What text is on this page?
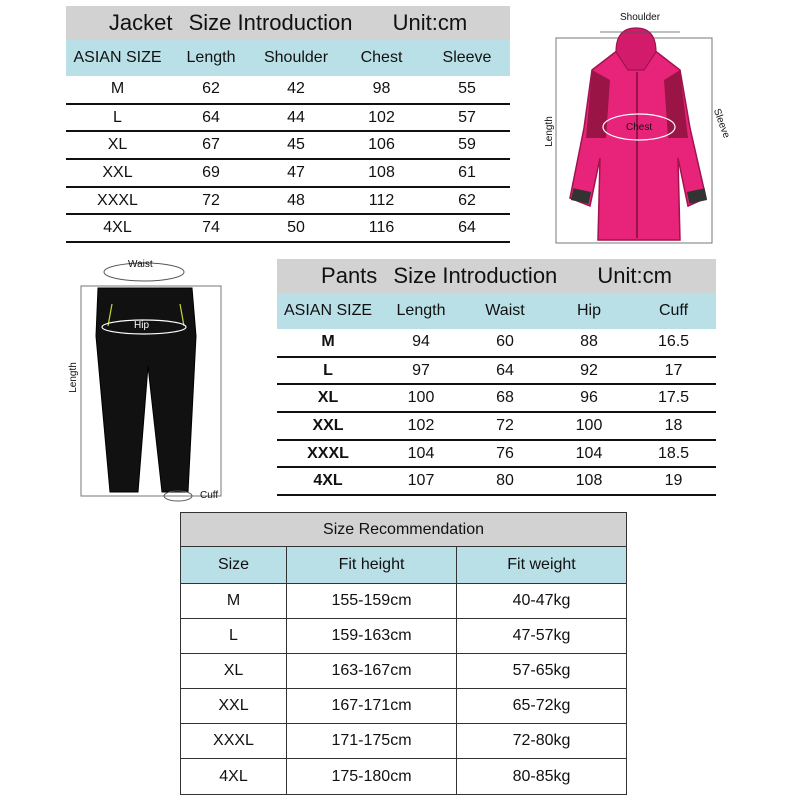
Jacket Size Introduction Unit:cm				
ASIAN SIZE	Length	Shoulder	Chest	Sleeve
M	62	42	98	55
L	64	44	102	57
XL	67	45	106	59
XXL	69	47	108	61
XXXL	72	48	112	62
4XL	74	50	116	64
Shoulder
Chest
Length	Sleeve
Waist
Hip
Length
Cuff
Pants Size Introduction Unit:cm				
ASIAN SIZE	Length	Waist	Hip	Cuff
M	94	60	88	16.5
L	97	64	92	17
XL	100	68	96	17.5
XXL	102	72	100	18
XXXL	104	76	104	18.5
4XL	107	80	108	19
Size Recommendation		
Size	Fit height	Fit weight
M	155-159cm	40-47kg
L	159-163cm	47-57kg
XL	163-167cm	57-65kg
XXL	167-171cm	65-72kg
XXXL	171-175cm	72-80kg
4XL	175-180cm	80-85kg
